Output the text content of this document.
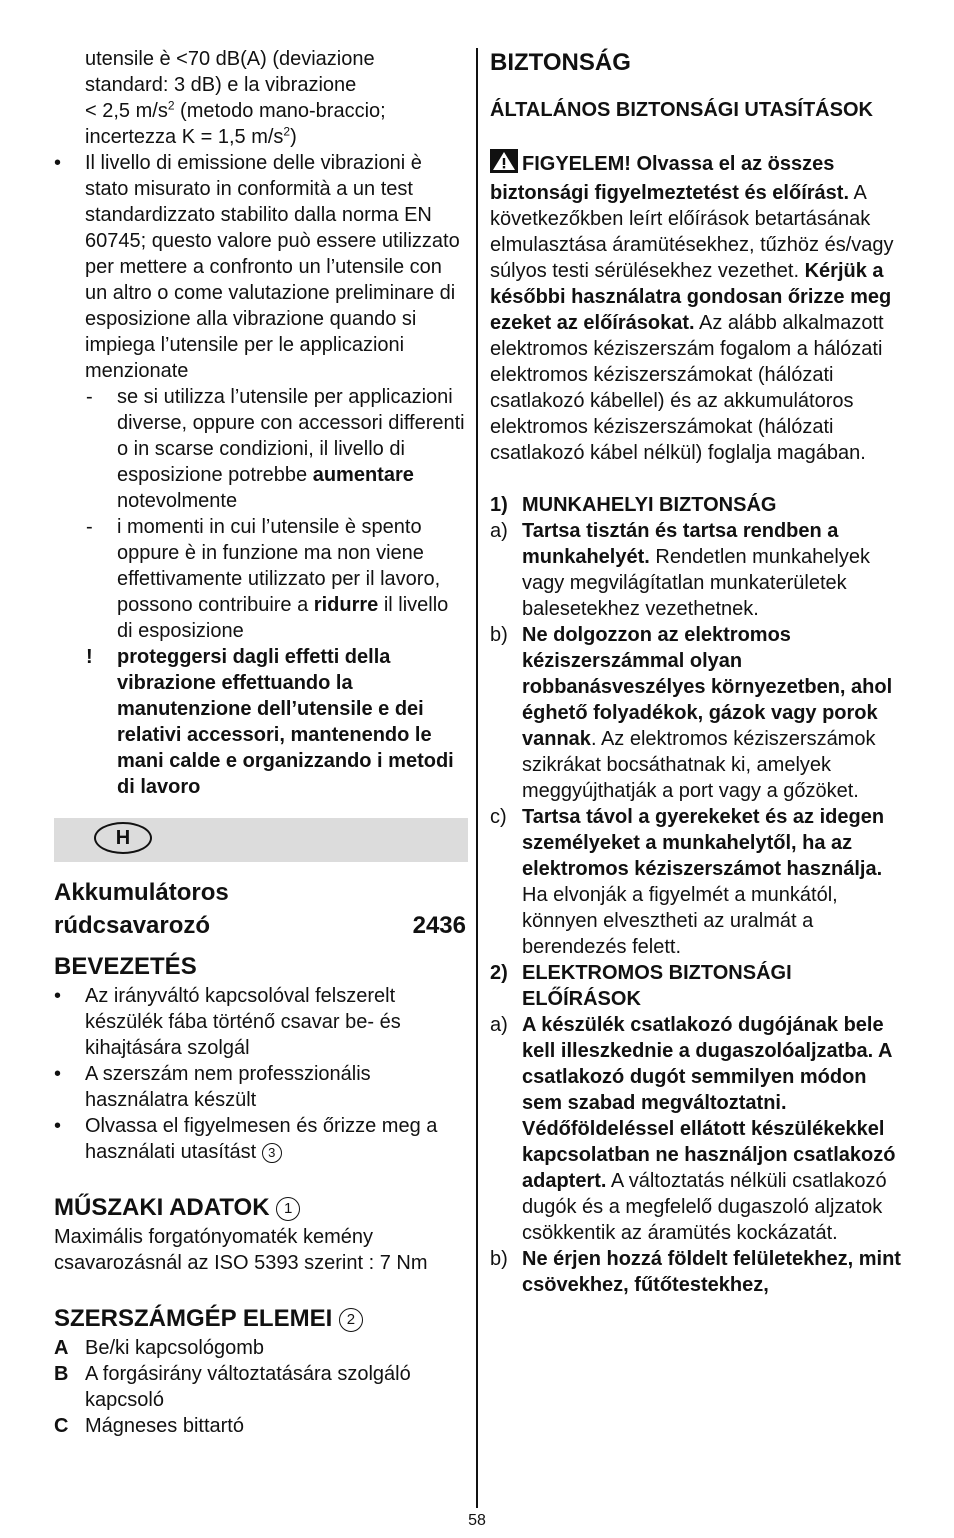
utensile è <70 dB(A) (deviazione
standard: 3 dB) e la vibrazione
< 2,5 $m/s^2$ (metodo mano-braccio;
incertezza K = 1,5 $m/s^2$)
• Il livello di emissione delle vibrazioni è stato misurato in conformità a un test standardizzato stabilito dalla norma EN 60745; questo valore può essere utilizzato per mettere a confronto un l’utensile con un altro o come valutazione preliminare di esposizione alla vibrazione quando si impiega l’utensile per le applicazioni menzionate
- se si utilizza l’utensile per applicazioni diverse, oppure con accessori differenti o in scarse condizioni, il livello di esposizione potrebbe aumentare notevolmente
- i momenti in cui l’utensile è spento oppure è in funzione ma non viene effettivamente utilizzato per il lavoro, possono contribuire a ridurre il livello di esposizione
! proteggersi dagli effetti della vibrazione effettuando la manutenzione dell’utensile e dei relativi accessori, mantenendo le mani calde e organizzando i metodi di lavoro
H
Akkumulátoros
rúdcsavarozó	2436
BEVEZETÉS
• Az irányváltó kapcsolóval felszerelt készülék fába történő csavar be- és kihajtására szolgál
• A szerszám nem professzionális használatra készült
• Olvassa el figyelmesen és őrizze meg a használati utasítást 3
MŰSZAKI ADATOK 1

Maximális forgatónyomaték kemény csavarozásnál az ISO 5393 szerint : 7 Nm

SZERSZÁMGÉP ELEMEI 2
A Be/ki kapcsológomb
B A forgásirány változtatására szolgáló kapcsoló
C Mágneses bittartó
BIZTONSÁG
ÁLTALÁNOS BIZTONSÁGI UTASÍTÁSOK

FIGYELEM! Olvassa el az összes biztonsági figyelmeztetést és előírást. A következőkben leírt előírások betartásának elmulasztása áramütésekhez, tűzhöz és/vagy súlyos testi sérülésekhez vezethet. Kérjük a későbbi használatra gondosan őrizze meg ezeket az előírásokat. Az alább alkalmazott elektromos kéziszerszám fogalom a hálózati elektromos kéziszerszámokat (hálózati csatlakozó kábellel) és az akkumulátoros elektromos kéziszerszámokat (hálózati csatlakozó kábel nélkül) foglalja magában.

1) MUNKAHELYI BIZTONSÁG
a) Tartsa tisztán és tartsa rendben a munkahelyét. Rendetlen munkahelyek vagy megvilágítatlan munkaterületek balesetekhez vezethetnek.
b) Ne dolgozzon az elektromos kéziszerszámmal olyan robbanásveszélyes környezetben, ahol éghető folyadékok, gázok vagy porok vannak. Az elektromos kéziszerszámok szikrákat bocsáthatnak ki, amelyek meggyújthatják a port vagy a gőzöket.
c) Tartsa távol a gyerekeket és az idegen személyeket a munkahelytől, ha az elektromos kéziszerszámot használja. Ha elvonják a figyelmét a munkától, könnyen elvesztheti az uralmát a berendezés felett.
2) ELEKTROMOS BIZTONSÁGI ELŐÍRÁSOK
a) A készülék csatlakozó dugójának bele kell illeszkednie a dugaszolóaljzatba. A csatlakozó dugót semmilyen módon sem szabad megváltoztatni. Védőföldeléssel ellátott készülékekkel kapcsolatban ne használjon csatlakozó adaptert. A változtatás nélküli csatlakozó dugók és a megfelelő dugaszoló aljzatok csökkentik az áramütés kockázatát.
b) Ne érjen hozzá földelt felületekhez, mint csövekhez, fűtőtestekhez,
58
